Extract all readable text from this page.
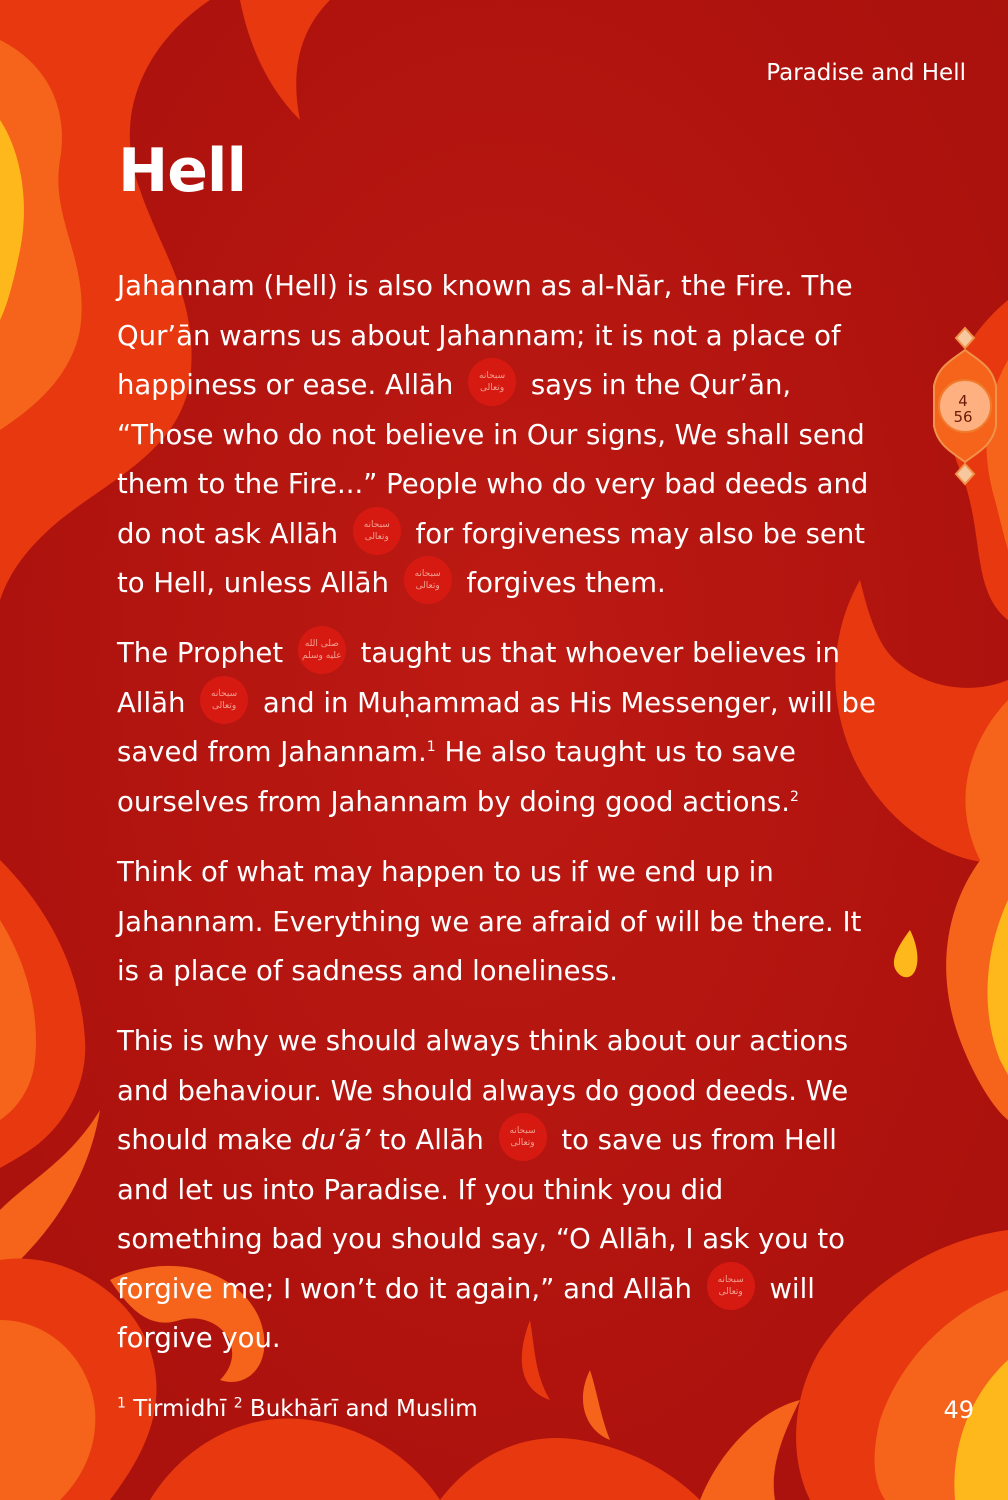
Paradise and Hell
Hell
4
56

Jahannam (Hell) is also known as al-Nār, the Fire. The Qur’ān warns us about Jahannam; it is not a place of happiness or ease. Allāh	سبحانه وتعالى says in the Qur’ān, “Those who do not believe in Our signs, We shall send them to the Fire...” People who do very bad deeds and do not ask Allāh	سبحانه وتعالى for forgiveness may also be sent to Hell, unless Allāh	سبحانه وتعالى forgives them.

The Prophet	صلى الله عليه وسلم taught us that whoever believes in Allāh	سبحانه وتعالى and in Muḥammad as His Messenger, will be saved from Jahannam.$^1$ He also taught us to save ourselves from Jahannam by doing good actions.$^2$

Think of what may happen to us if we end up in Jahannam. Everything we are afraid of will be there. It is a place of sadness and loneliness.

This is why we should always think about our actions and behaviour. We should always do good deeds. We should make du‘ā’ to Allāh	سبحانه وتعالى to save us from Hell and let us into Paradise. If you think you did something bad you should say, “O Allāh, I ask you to forgive me; I won’t do it again,” and Allāh	سبحانه وتعالى will forgive you.

$^1$ Tirmidhī $^2$ Bukhārī and Muslim	49
